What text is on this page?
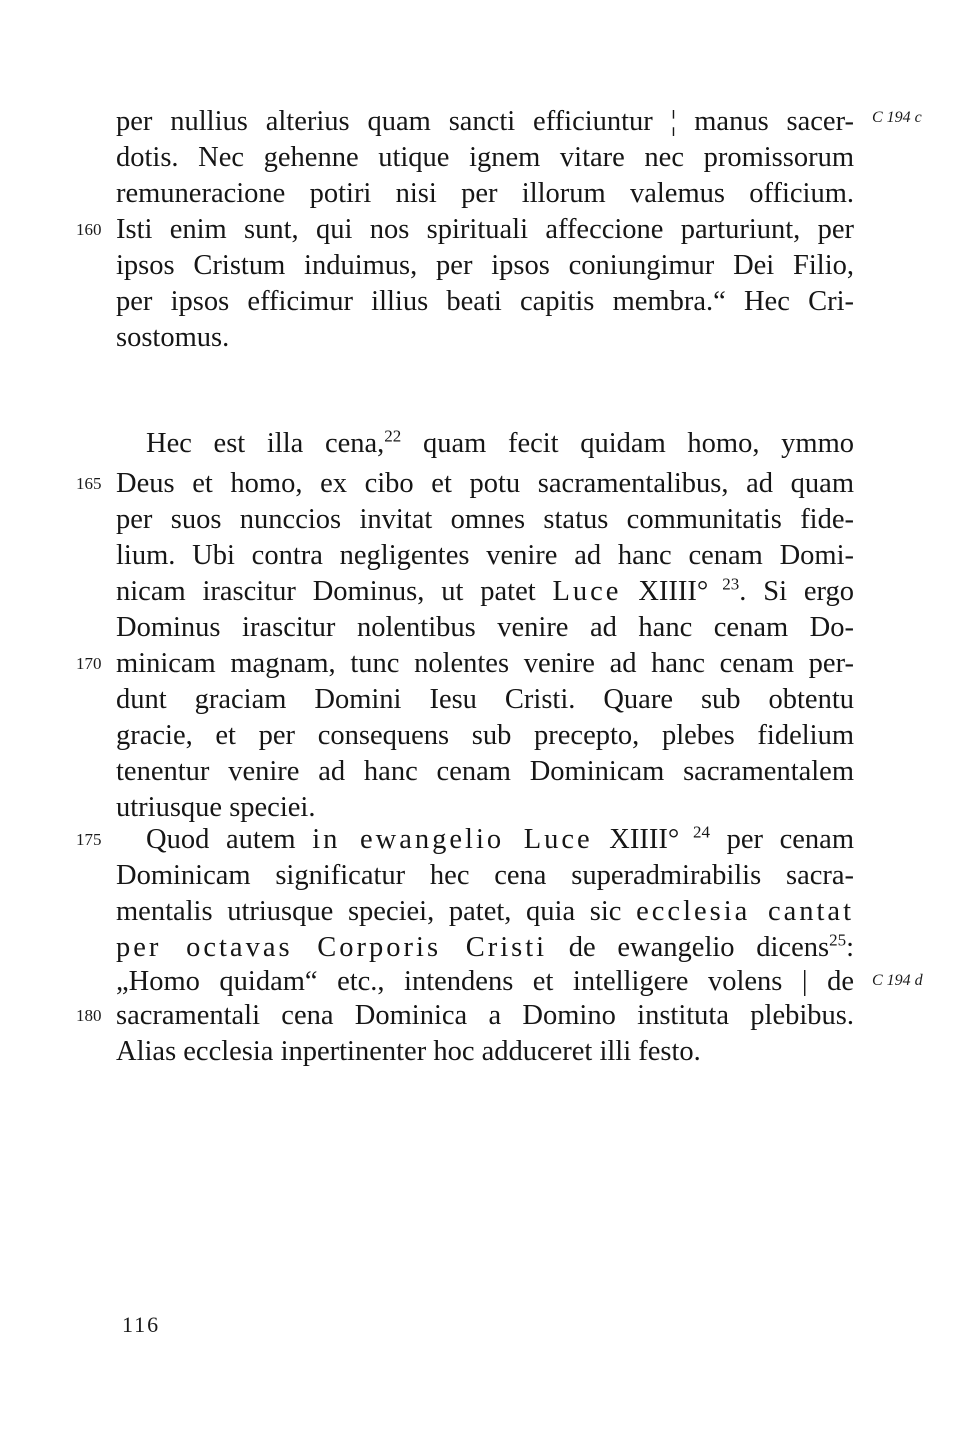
C 194 c
C 194 d
160
165
170
175
180
per nullius alterius quam sancti efficiuntur ¦ manus sacer-
dotis. Nec gehenne utique ignem vitare nec promissorum
remuneracione potiri nisi per illorum valemus officium.
Isti enim sunt, qui nos spirituali affeccione parturiunt, per
ipsos Cristum induimus, per ipsos coniungimur Dei Filio,
per ipsos efficimur illius beati capitis membra.“ Hec Cri-
sostomus.
Hec est illa cena,$^{22}$ quam fecit quidam homo, ymmo
Deus et homo, ex cibo et potu sacramentalibus, ad quam
per suos nunccios invitat omnes status communitatis fide-
lium. Ubi contra negligentes venire ad hanc cenam Domi-
nicam irascitur Dominus, ut patet Luce XIIII° $^{23}$. Si ergo
Dominus irascitur nolentibus venire ad hanc cenam Do-
minicam magnam, tunc nolentes venire ad hanc cenam per-
dunt graciam Domini Iesu Cristi. Quare sub obtentu
gracie, et per consequens sub precepto, plebes fidelium
tenentur venire ad hanc cenam Dominicam sacramentalem
utriusque speciei.
Quod autem in ewangelio Luce XIIII° $^{24}$ per cenam
Dominicam significatur hec cena superadmirabilis sacra-
mentalis utriusque speciei, patet, quia sic ecclesia cantat
per octavas Corporis Cristi de ewangelio dicens$^{25}$:
„Homo quidam“ etc., intendens et intelligere volens | de
sacramentali cena Dominica a Domino instituta plebibus.
Alias ecclesia inpertinenter hoc adduceret illi festo.
116
